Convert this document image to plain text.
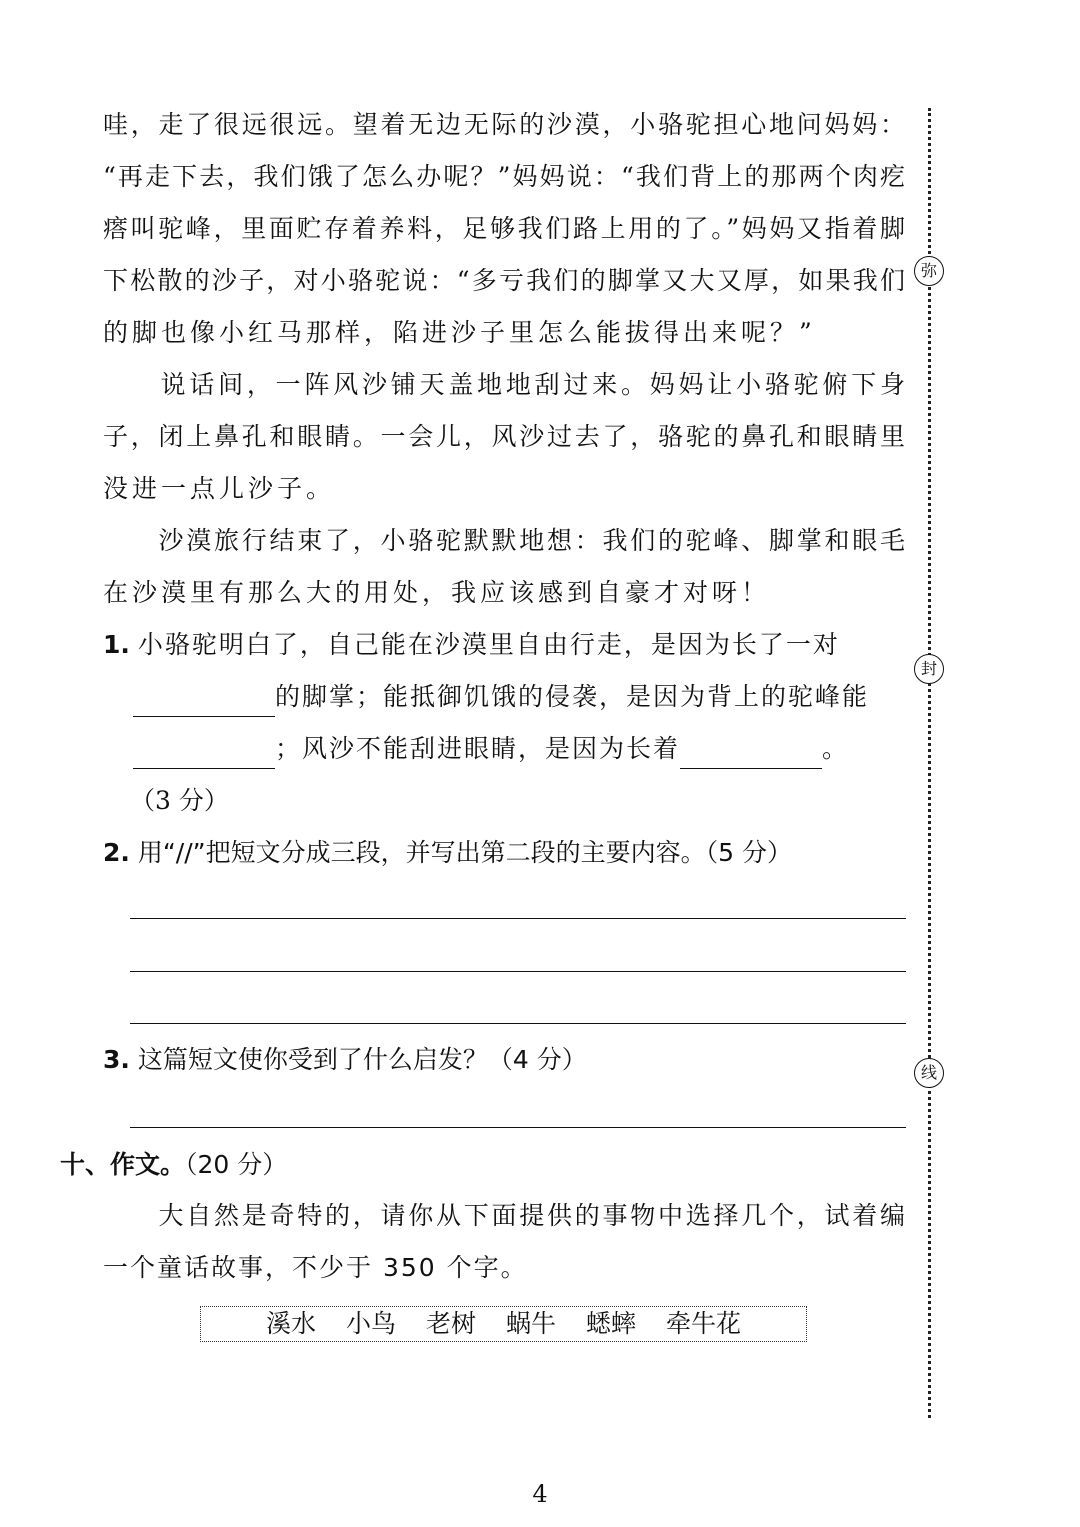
哇，走了很远很远。望着无边无际的沙漠，小骆驼担心地问妈妈：
“再走下去，我们饿了怎么办呢？”妈妈说：“我们背上的那两个肉疙
瘩叫驼峰，里面贮存着养料，足够我们路上用的了。”妈妈又指着脚
下松散的沙子，对小骆驼说：“多亏我们的脚掌又大又厚，如果我们
的脚也像小红马那样，陷进沙子里怎么能拔得出来呢？”
　　说话间，一阵风沙铺天盖地地刮过来。妈妈让小骆驼俯下身
子，闭上鼻孔和眼睛。一会儿，风沙过去了，骆驼的鼻孔和眼睛里
没进一点儿沙子。
　　沙漠旅行结束了，小骆驼默默地想：我们的驼峰、脚掌和眼毛
在沙漠里有那么大的用处，我应该感到自豪才对呀！
1. 小骆驼明白了，自己能在沙漠里自由行走，是因为长了一对
的脚掌；能抵御饥饿的侵袭，是因为背上的驼峰能
；风沙不能刮进眼睛，是因为长着	。
（3 分）
2. 用“//”把短文分成三段，并写出第二段的主要内容。（5 分）
3. 这篇短文使你受到了什么启发？（4 分）
十、作文。（20 分）
　　大自然是奇特的，请你从下面提供的事物中选择几个，试着编
一个童话故事，不少于 350 个字。
溪水 小鸟 老树 蜗牛 蟋蟀 牵牛花
弥
封
线
4
